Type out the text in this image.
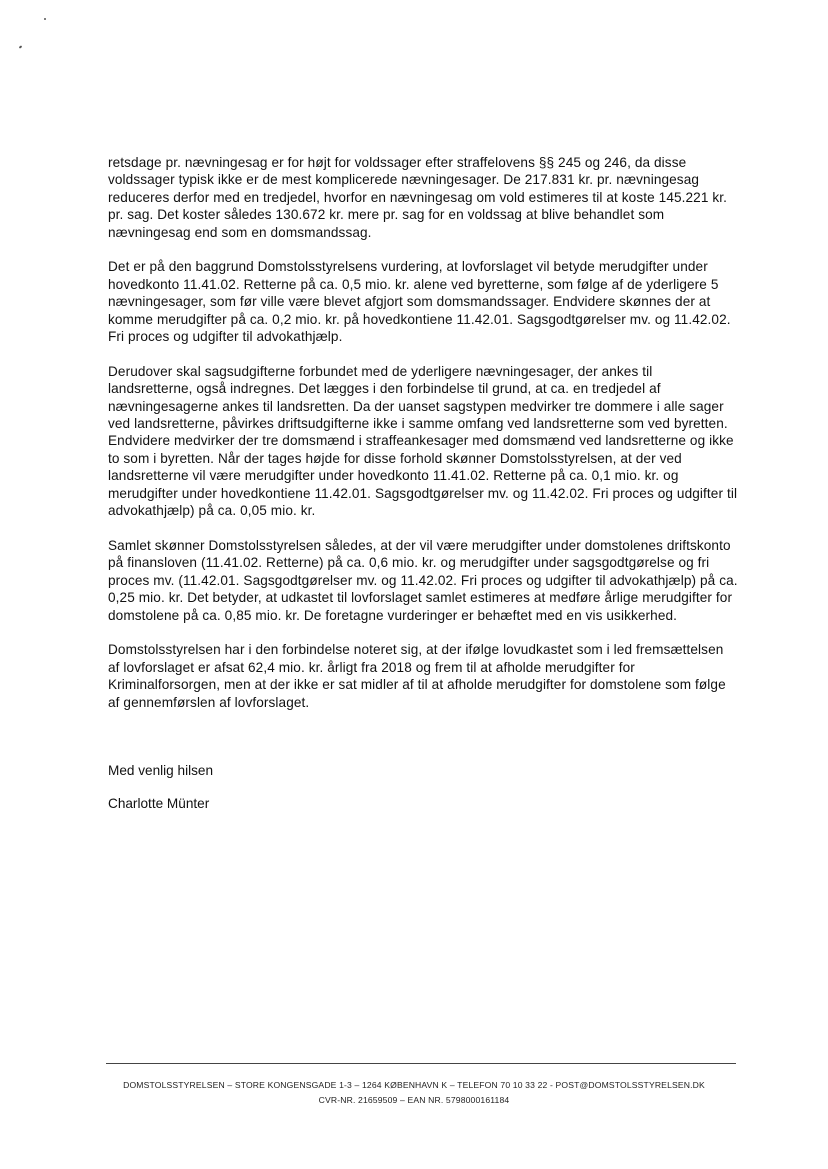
retsdage pr. nævningesag er for højt for voldssager efter straffelovens §§ 245 og 246, da disse voldssager typisk ikke er de mest komplicerede nævningesager. De 217.831 kr. pr. nævningesag reduceres derfor med en tredjedel, hvorfor en nævningesag om vold estimeres til at koste 145.221 kr. pr. sag. Det koster således 130.672 kr. mere pr. sag for en voldssag at blive behandlet som nævningesag end som en domsmandssag.

Det er på den baggrund Domstolsstyrelsens vurdering, at lovforslaget vil betyde merudgifter under hovedkonto 11.41.02. Retterne på ca. 0,5 mio. kr. alene ved byretterne, som følge af de yderligere 5 nævningesager, som før ville være blevet afgjort som domsmandssager. Endvidere skønnes der at komme merudgifter på ca. 0,2 mio. kr. på hovedkontiene 11.42.01. Sagsgodtgørelser mv. og 11.42.02. Fri proces og udgifter til advokathjælp.

Derudover skal sagsudgifterne forbundet med de yderligere nævningesager, der ankes til landsretterne, også indregnes. Det lægges i den forbindelse til grund, at ca. en tredjedel af nævningesagerne ankes til landsretten. Da der uanset sagstypen medvirker tre dommere i alle sager ved landsretterne, påvirkes driftsudgifterne ikke i samme omfang ved landsretterne som ved byretten. Endvidere medvirker der tre domsmænd i straffeankesager med domsmænd ved landsretterne og ikke to som i byretten. Når der tages højde for disse forhold skønner Domstolsstyrelsen, at der ved landsretterne vil være merudgifter under hovedkonto 11.41.02. Retterne på ca. 0,1 mio. kr. og merudgifter under hovedkontiene 11.42.01. Sagsgodtgørelser mv. og 11.42.02. Fri proces og udgifter til advokathjælp) på ca. 0,05 mio. kr.

Samlet skønner Domstolsstyrelsen således, at der vil være merudgifter under domstolenes driftskonto på finansloven (11.41.02. Retterne) på ca. 0,6 mio. kr. og merudgifter under sagsgodtgørelse og fri proces mv. (11.42.01. Sagsgodtgørelser mv. og 11.42.02. Fri proces og udgifter til advokathjælp) på ca. 0,25 mio. kr. Det betyder, at udkastet til lovforslaget samlet estimeres at medføre årlige merudgifter for domstolene på ca. 0,85 mio. kr. De foretagne vurderinger er behæftet med en vis usikkerhed.

Domstolsstyrelsen har i den forbindelse noteret sig, at der ifølge lovudkastet som i led fremsættelsen af lovforslaget er afsat 62,4 mio. kr. årligt fra 2018 og frem til at afholde merudgifter for Kriminalforsorgen, men at der ikke er sat midler af til at afholde merudgifter for domstolene som følge af gennemførslen af lovforslaget.

Med venlig hilsen
Charlotte Münter
DOMSTOLSSTYRELSEN – STORE KONGENSGADE 1-3 – 1264 KØBENHAVN K – TELEFON 70 10 33 22 - POST@DOMSTOLSSTYRELSEN.DK
CVR-NR. 21659509 – EAN NR. 5798000161184
